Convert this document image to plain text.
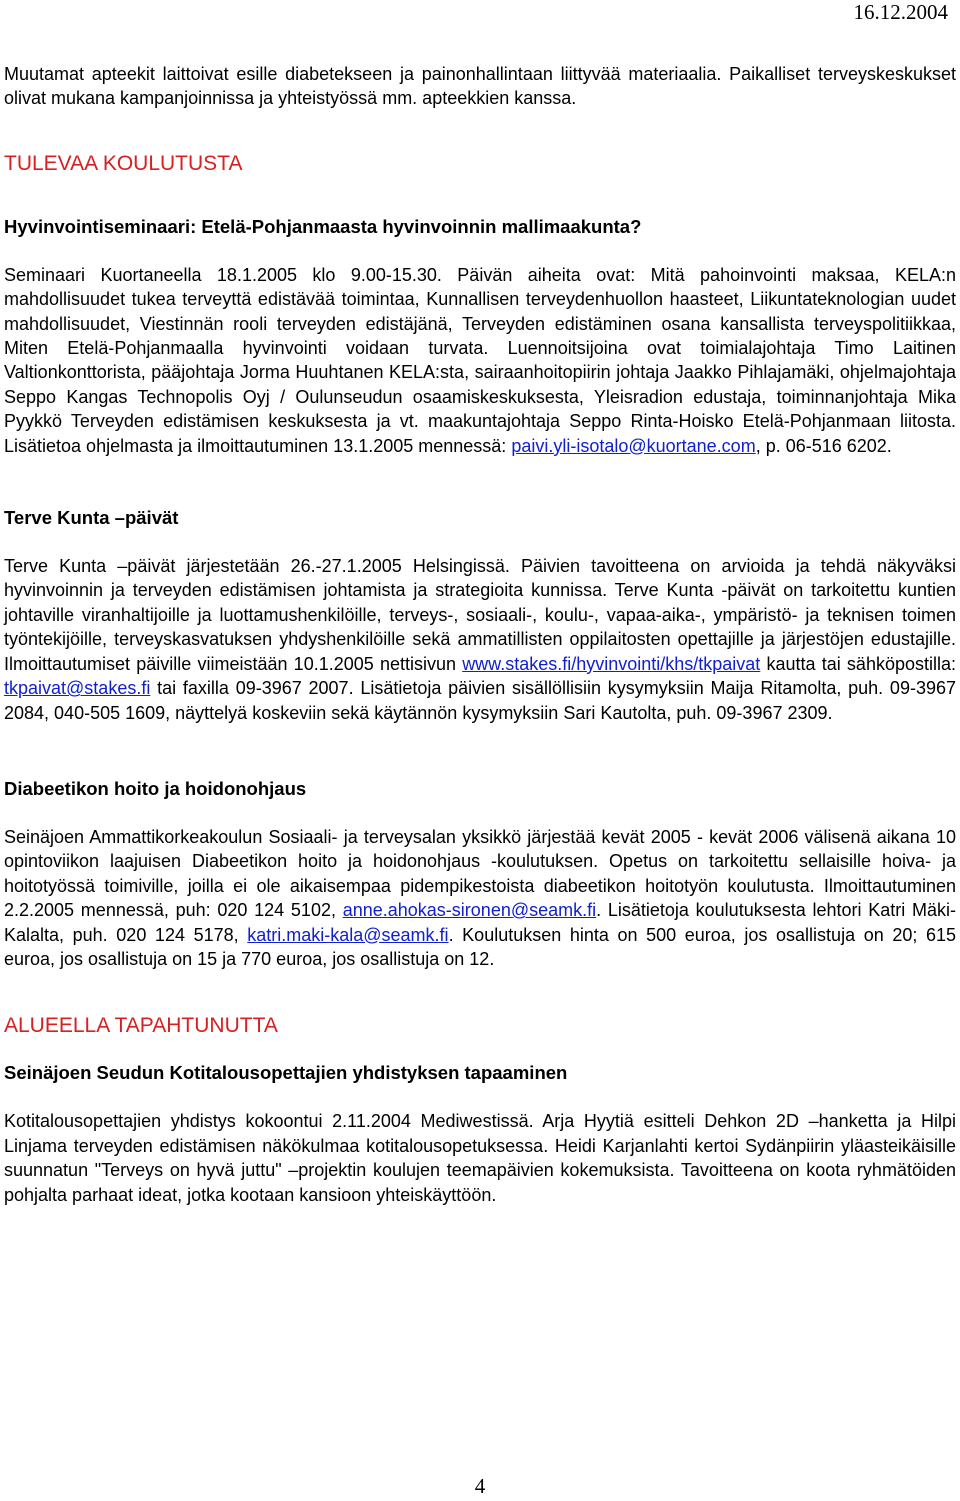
16.12.2004

Muutamat apteekit laittoivat esille diabetekseen ja painonhallintaan liittyvää materiaalia. Paikalliset terveyskeskukset olivat mukana kampanjoinnissa ja yhteistyössä mm. apteekkien kanssa.

TULEVAA KOULUTUSTA
Hyvinvointiseminaari: Etelä-Pohjanmaasta hyvinvoinnin mallimaakunta?

Seminaari Kuortaneella 18.1.2005 klo 9.00-15.30. Päivän aiheita ovat: Mitä pahoinvointi maksaa, KELA:n mahdollisuudet tukea terveyttä edistävää toimintaa, Kunnallisen terveydenhuollon haasteet, Liikuntateknologian uudet mahdollisuudet, Viestinnän rooli terveyden edistäjänä, Terveyden edistäminen osana kansallista terveyspolitiikkaa, Miten Etelä-Pohjanmaalla hyvinvointi voidaan turvata. Luennoitsijoina ovat toimialajohtaja Timo Laitinen Valtionkonttorista, pääjohtaja Jorma Huuhtanen KELA:sta, sairaanhoitopiirin johtaja Jaakko Pihlajamäki, ohjelmajohtaja Seppo Kangas Technopolis Oyj / Oulunseudun osaamiskeskuksesta, Yleisradion edustaja, toiminnanjohtaja Mika Pyykkö Terveyden edistämisen keskuksesta ja vt. maakuntajohtaja Seppo Rinta-Hoisko Etelä-Pohjanmaan liitosta. Lisätietoa ohjelmasta ja ilmoittautuminen 13.1.2005 mennessä: paivi.yli-isotalo@kuortane.com, p. 06-516 6202.

Terve Kunta –päivät

Terve Kunta –päivät järjestetään 26.-27.1.2005 Helsingissä. Päivien tavoitteena on arvioida ja tehdä näkyväksi hyvinvoinnin ja terveyden edistämisen johtamista ja strategioita kunnissa. Terve Kunta -päivät on tarkoitettu kuntien johtaville viranhaltijoille ja luottamushenkilöille, terveys-, sosiaali-, koulu-, vapaa-aika-, ympäristö- ja teknisen toimen työntekijöille, terveyskasvatuksen yhdyshenkilöille sekä ammatillisten oppilaitosten opettajille ja järjestöjen edustajille. Ilmoittautumiset päiville viimeistään 10.1.2005 nettisivun www.stakes.fi/hyvinvointi/khs/tkpaivat kautta tai sähköpostilla: tkpaivat@stakes.fi tai faxilla 09-3967 2007. Lisätietoja päivien sisällöllisiin kysymyksiin Maija Ritamolta, puh. 09-3967 2084, 040-505 1609, näyttelyä koskeviin sekä käytännön kysymyksiin Sari Kautolta, puh. 09-3967 2309.

Diabeetikon hoito ja hoidonohjaus

Seinäjoen Ammattikorkeakoulun Sosiaali- ja terveysalan yksikkö järjestää kevät 2005 - kevät 2006 välisenä aikana 10 opintoviikon laajuisen Diabeetikon hoito ja hoidonohjaus -koulutuksen. Opetus on tarkoitettu sellaisille hoiva- ja hoitotyössä toimiville, joilla ei ole aikaisempaa pidempikestoista diabeetikon hoitotyön koulutusta. Ilmoittautuminen 2.2.2005 mennessä, puh: 020 124 5102, anne.ahokas-sironen@seamk.fi. Lisätietoja koulutuksesta lehtori Katri Mäki-Kalalta, puh. 020 124 5178, katri.maki-kala@seamk.fi. Koulutuksen hinta on 500 euroa, jos osallistuja on 20; 615 euroa, jos osallistuja on 15 ja 770 euroa, jos osallistuja on 12.

ALUEELLA TAPAHTUNUTTA
Seinäjoen Seudun Kotitalousopettajien yhdistyksen tapaaminen

Kotitalousopettajien yhdistys kokoontui 2.11.2004 Mediwestissä. Arja Hyytiä esitteli Dehkon 2D –hanketta ja Hilpi Linjama terveyden edistämisen näkökulmaa kotitalousopetuksessa. Heidi Karjanlahti kertoi Sydänpiirin yläasteikäisille suunnatun "Terveys on hyvä juttu" –projektin koulujen teemapäivien kokemuksista. Tavoitteena on koota ryhmätöiden pohjalta parhaat ideat, jotka kootaan kansioon yhteiskäyttöön.

4
